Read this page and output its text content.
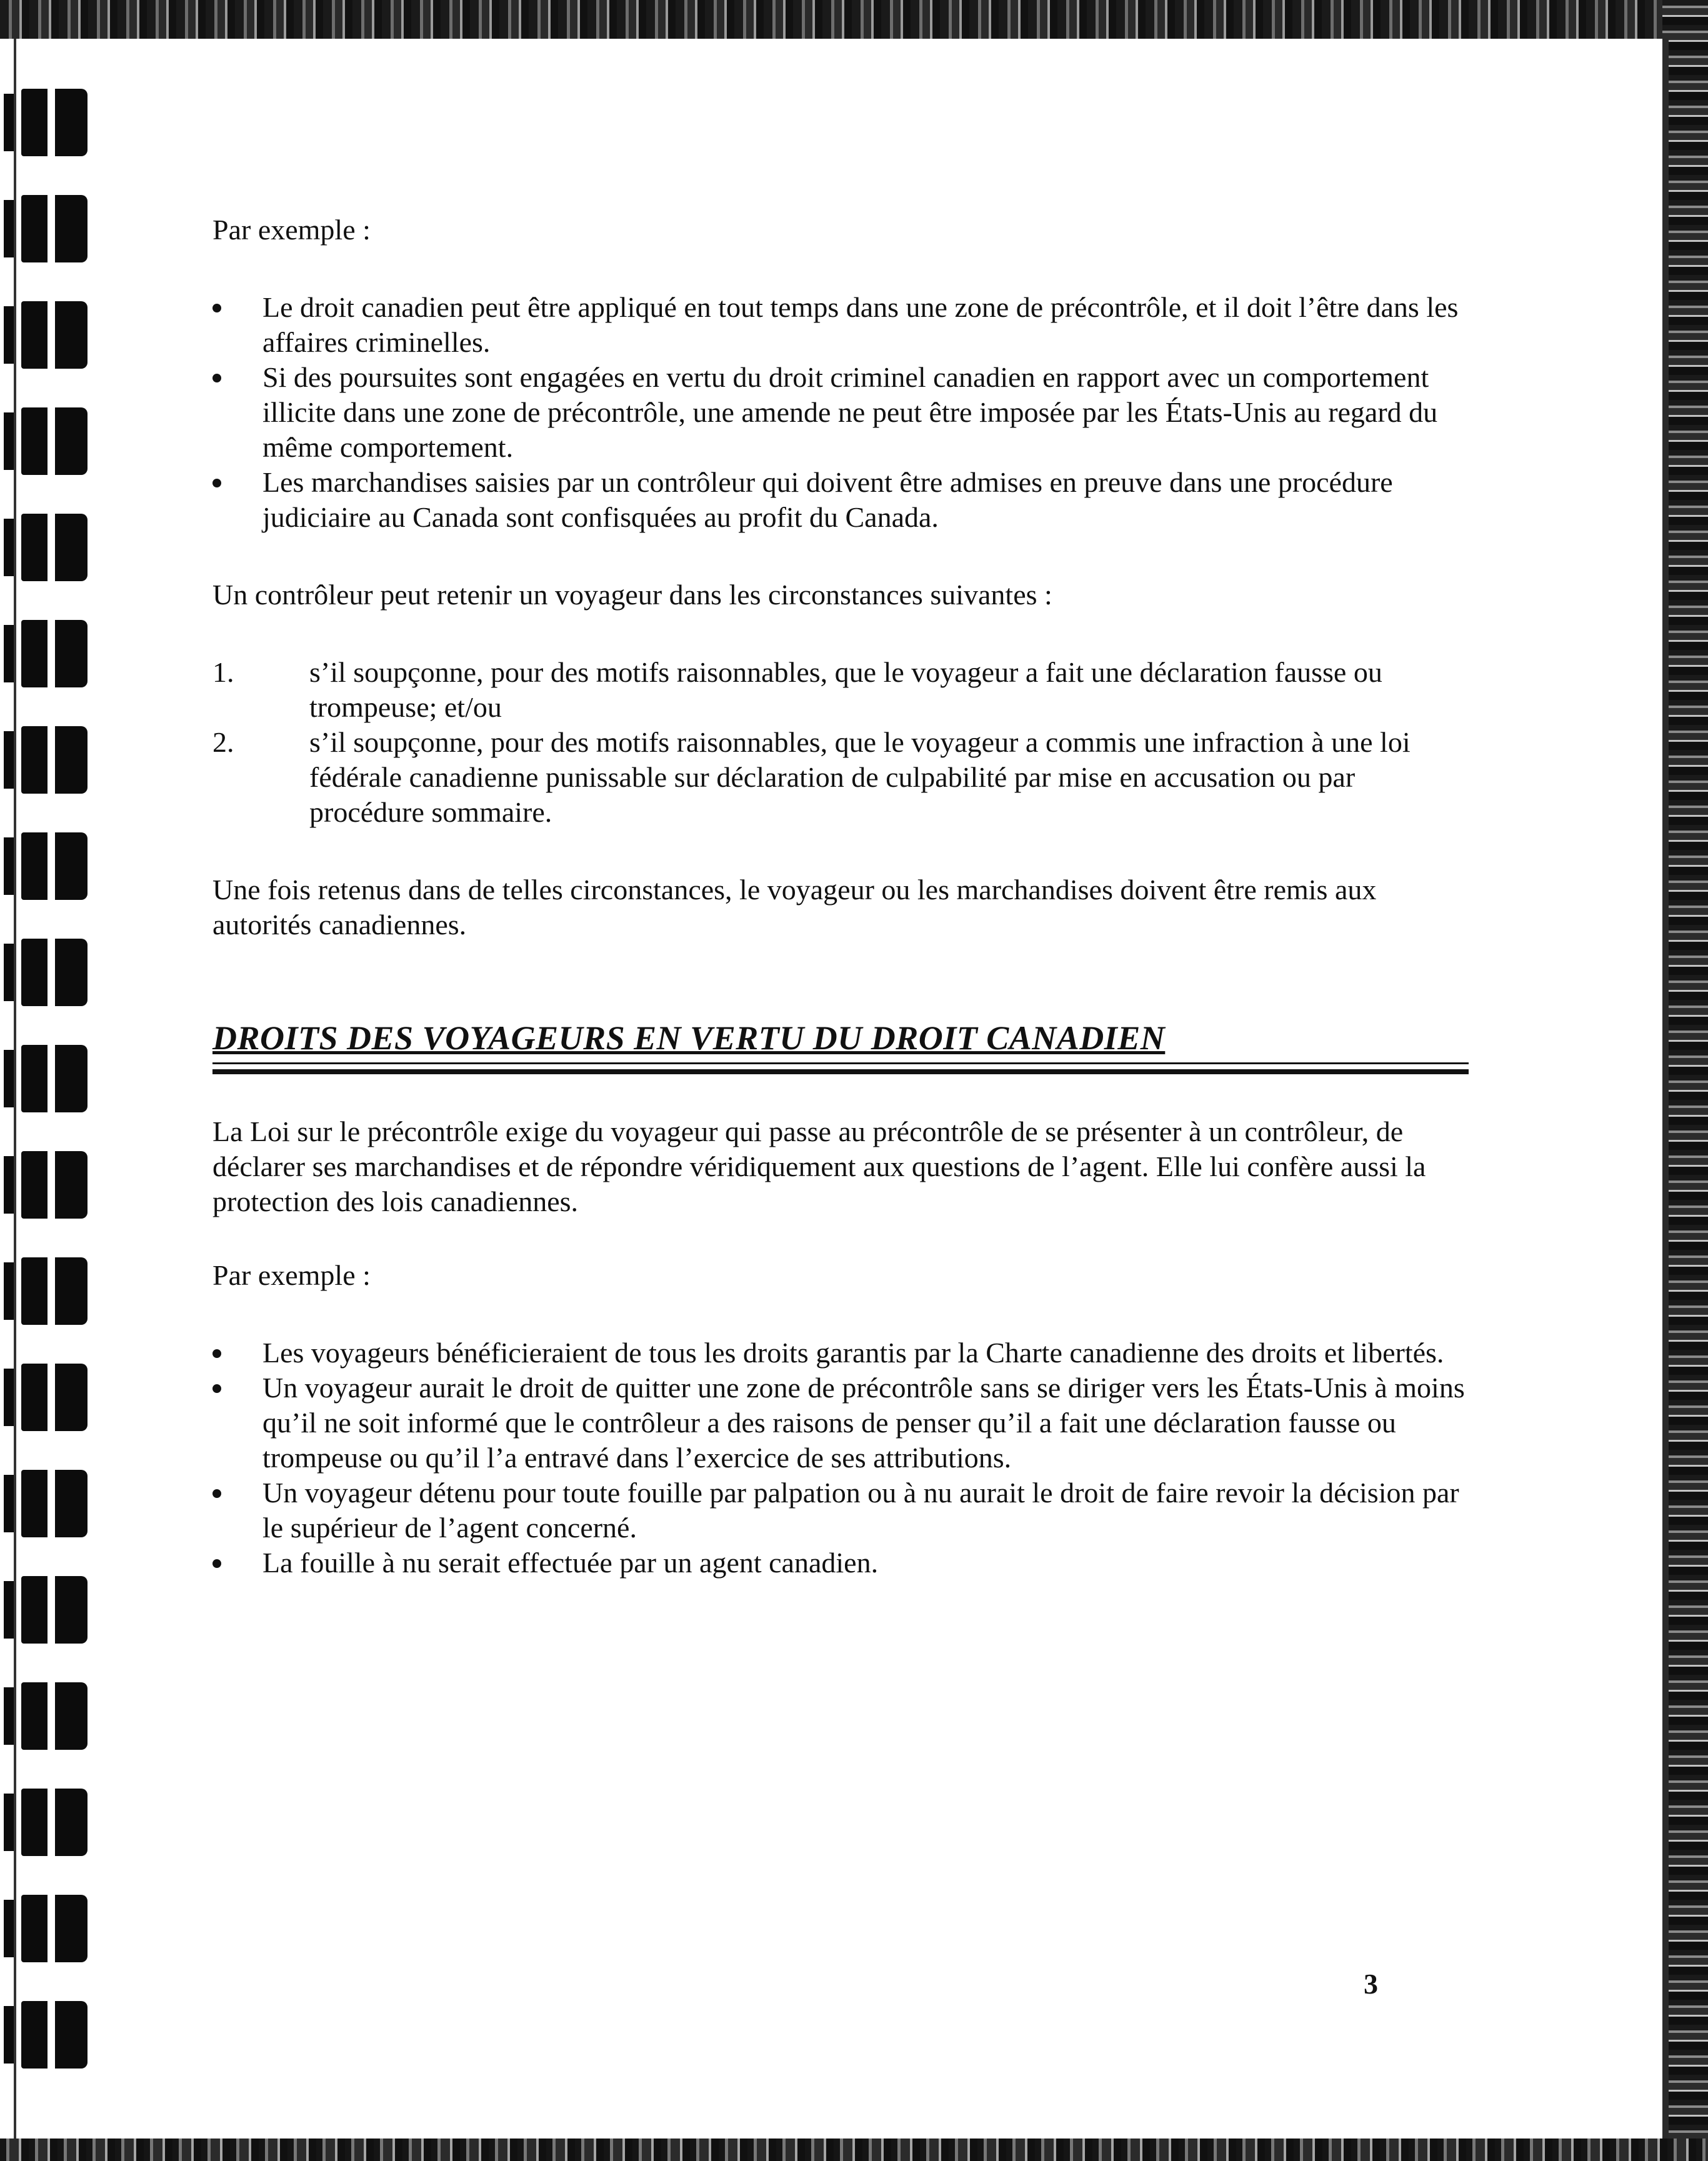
Par exemple :

Le droit canadien peut être appliqué en tout temps dans une zone de précontrôle, et il doit l’être dans les affaires criminelles.
Si des poursuites sont engagées en vertu du droit criminel canadien en rapport avec un comportement illicite dans une zone de précontrôle, une amende ne peut être imposée par les États-Unis au regard du même comportement.
Les marchandises saisies par un contrôleur qui doivent être admises en preuve dans une procédure judiciaire au Canada sont confisquées au profit du Canada.

Un contrôleur peut retenir un voyageur dans les circonstances suivantes :

1.	s’il soupçonne, pour des motifs raisonnables, que le voyageur a fait une déclaration fausse ou trompeuse; et/ou
2.	s’il soupçonne, pour des motifs raisonnables, que le voyageur a commis une infraction à une loi fédérale canadienne punissable sur déclaration de culpabilité par mise en accusation ou par procédure sommaire.

Une fois retenus dans de telles circonstances, le voyageur ou les marchandises doivent être remis aux autorités canadiennes.

DROITS DES VOYAGEURS EN VERTU DU DROIT CANADIEN

La Loi sur le précontrôle exige du voyageur qui passe au précontrôle de se présenter à un contrôleur, de déclarer ses marchandises et de répondre véridiquement aux questions de l’agent. Elle lui confère aussi la protection des lois canadiennes.

Par exemple :

Les voyageurs bénéficieraient de tous les droits garantis par la Charte canadienne des droits et libertés.
Un voyageur aurait le droit de quitter une zone de précontrôle sans se diriger vers les États-Unis à moins qu’il ne soit informé que le contrôleur a des raisons de penser qu’il a fait une déclaration fausse ou trompeuse ou qu’il l’a entravé dans l’exercice de ses attributions.
Un voyageur détenu pour toute fouille par palpation ou à nu aurait le droit de faire revoir la décision par le supérieur de l’agent concerné.
La fouille à nu serait effectuée par un agent canadien.
3
